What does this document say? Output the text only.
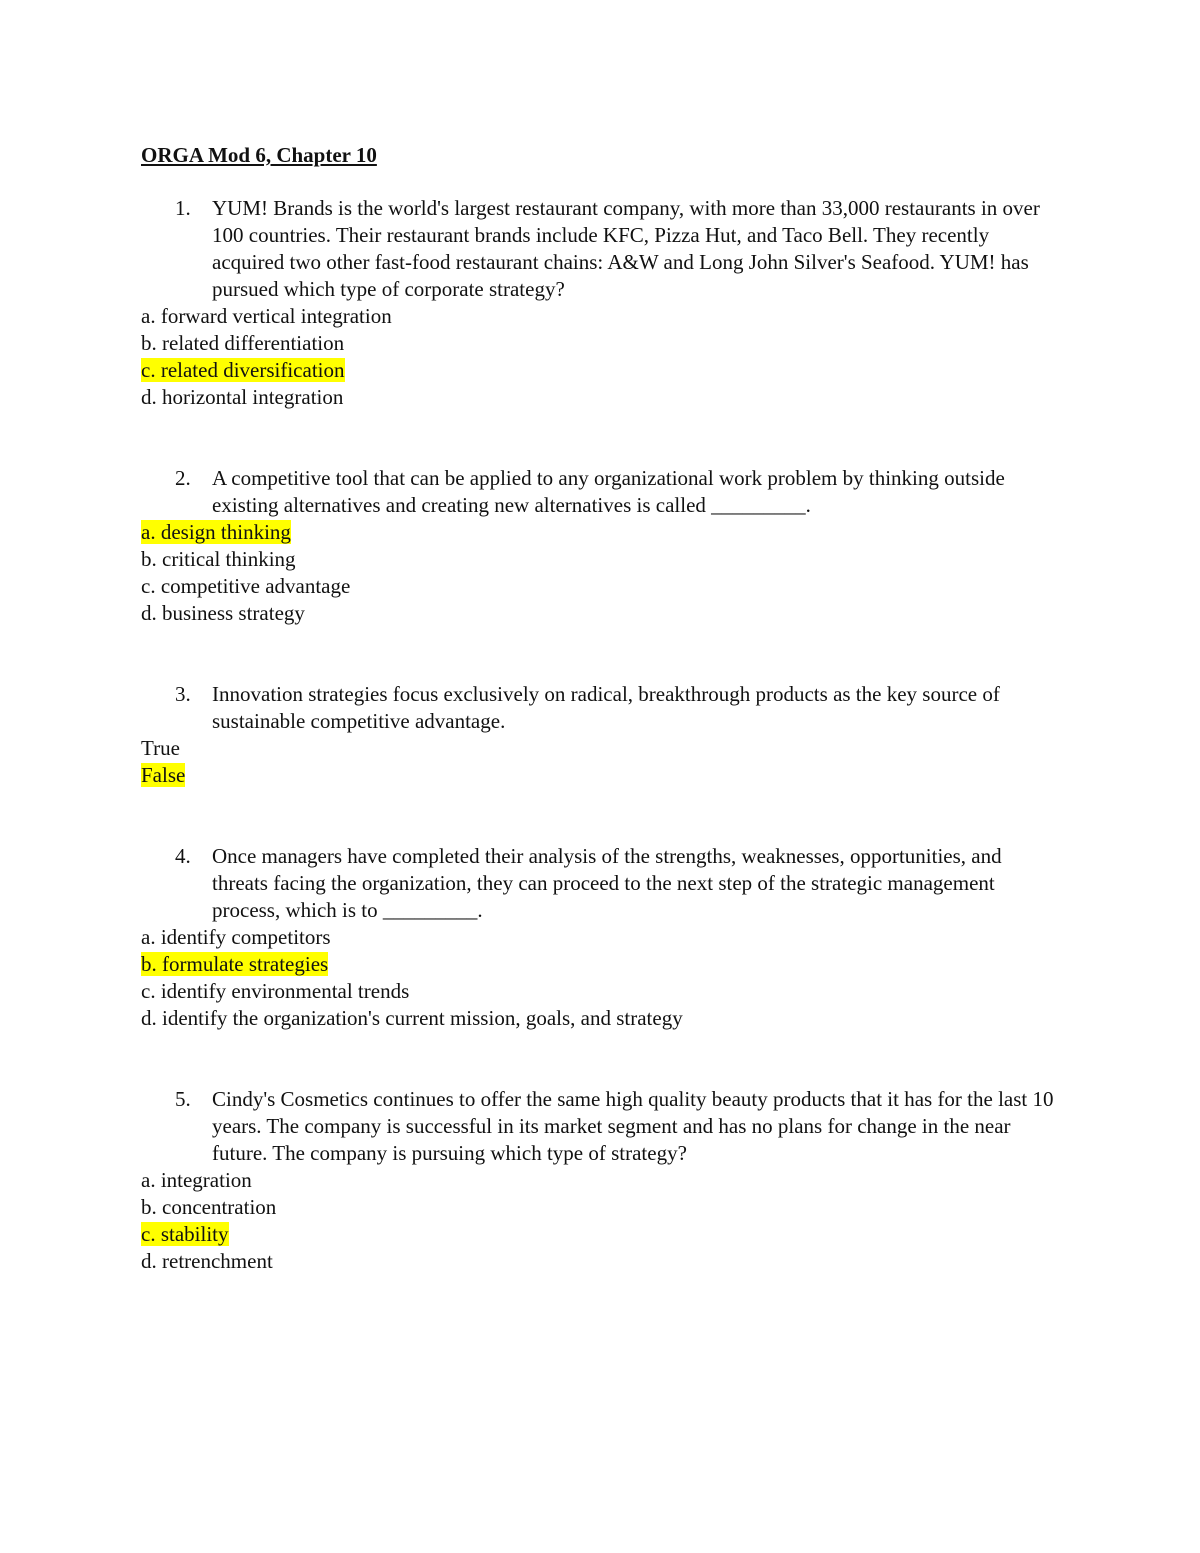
ORGA Mod 6, Chapter 10
1.	YUM! Brands is the world's largest restaurant company, with more than 33,000 restaurants in over 100 countries. Their restaurant brands include KFC, Pizza Hut, and Taco Bell. They recently acquired two other fast-food restaurant chains: A&W and Long John Silver's Seafood. YUM! has pursued which type of corporate strategy?
a. forward vertical integration
b. related differentiation
c. related diversification
d. horizontal integration
2.	A competitive tool that can be applied to any organizational work problem by thinking outside existing alternatives and creating new alternatives is called _________.
a. design thinking
b. critical thinking
c. competitive advantage
d. business strategy
3.	Innovation strategies focus exclusively on radical, breakthrough products as the key source of sustainable competitive advantage.
True
False
4.	Once managers have completed their analysis of the strengths, weaknesses, opportunities, and threats facing the organization, they can proceed to the next step of the strategic management process, which is to _________.
a. identify competitors
b. formulate strategies
c. identify environmental trends
d. identify the organization's current mission, goals, and strategy
5.	Cindy's Cosmetics continues to offer the same high quality beauty products that it has for the last 10 years. The company is successful in its market segment and has no plans for change in the near future. The company is pursuing which type of strategy?
a. integration
b. concentration
c. stability
d. retrenchment
